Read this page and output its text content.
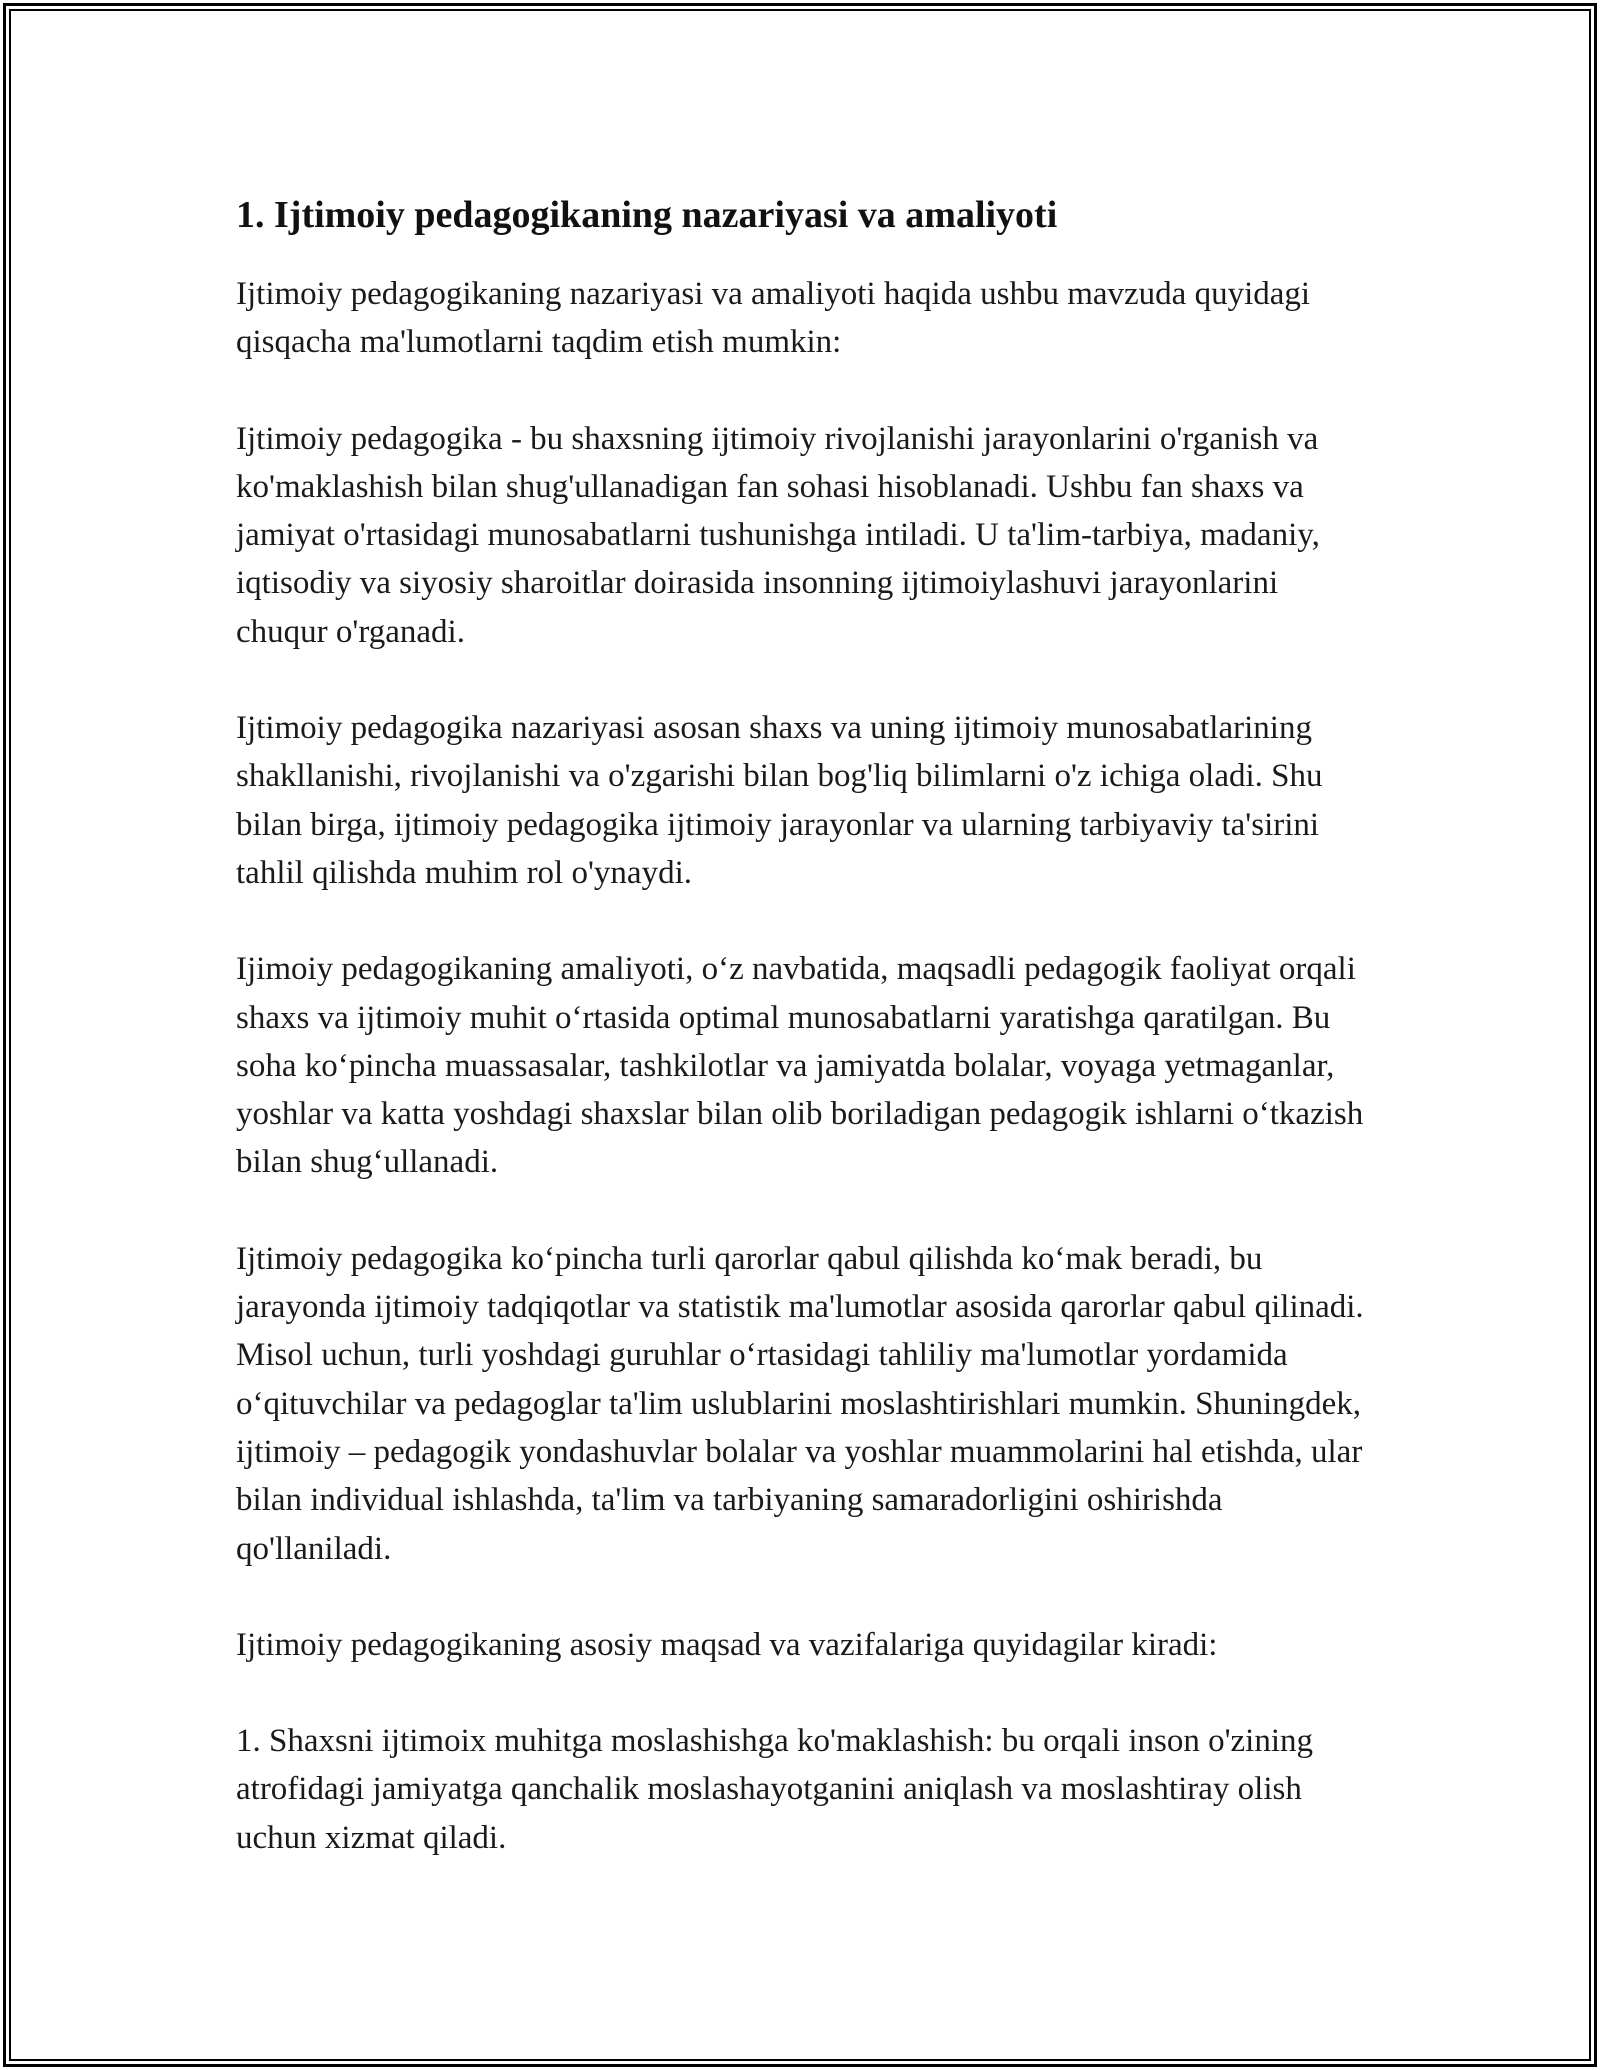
1. Ijtimoiy pedagogikaning nazariyasi va amaliyoti

Ijtimoiy pedagogikaning nazariyasi va amaliyoti haqida ushbu mavzuda quyidagi qisqacha ma'lumotlarni taqdim etish mumkin:

Ijtimoiy pedagogika - bu shaxsning ijtimoiy rivojlanishi jarayonlarini o'rganish va ko'maklashish bilan shug'ullanadigan fan sohasi hisoblanadi. Ushbu fan shaxs va jamiyat o'rtasidagi munosabatlarni tushunishga intiladi. U ta'lim-tarbiya, madaniy, iqtisodiy va siyosiy sharoitlar doirasida insonning ijtimoiylashuvi jarayonlarini chuqur o'rganadi.

Ijtimoiy pedagogika nazariyasi asosan shaxs va uning ijtimoiy munosabatlarining shakllanishi, rivojlanishi va o'zgarishi bilan bog'liq bilimlarni o'z ichiga oladi. Shu bilan birga, ijtimoiy pedagogika ijtimoiy jarayonlar va ularning tarbiyaviy ta'sirini tahlil qilishda muhim rol o'ynaydi.

Ijimoiy pedagogikaning amaliyoti, o‘z navbatida, maqsadli pedagogik faoliyat orqali shaxs va ijtimoiy muhit o‘rtasida optimal munosabatlarni yaratishga qaratilgan. Bu soha ko‘pincha muassasalar, tashkilotlar va jamiyatda bolalar, voyaga yetmaganlar, yoshlar va katta yoshdagi shaxslar bilan olib boriladigan pedagogik ishlarni o‘tkazish bilan shug‘ullanadi.

Ijtimoiy pedagogika ko‘pincha turli qarorlar qabul qilishda ko‘mak beradi, bu jarayonda ijtimoiy tadqiqotlar va statistik ma'lumotlar asosida qarorlar qabul qilinadi. Misol uchun, turli yoshdagi guruhlar o‘rtasidagi tahliliy ma'lumotlar yordamida o‘qituvchilar va pedagoglar ta'lim uslublarini moslashtirishlari mumkin. Shuningdek, ijtimoiy – pedagogik yondashuvlar bolalar va yoshlar muammolarini hal etishda, ular bilan individual ishlashda, ta'lim va tarbiyaning samaradorligini oshirishda qo'llaniladi.

Ijtimoiy pedagogikaning asosiy maqsad va vazifalariga quyidagilar kiradi:

1. Shaxsni ijtimoix muhitga moslashishga ko'maklashish: bu orqali inson o'zining atrofidagi jamiyatga qanchalik moslashayotganini aniqlash va moslashtiray olish uchun xizmat qiladi.
